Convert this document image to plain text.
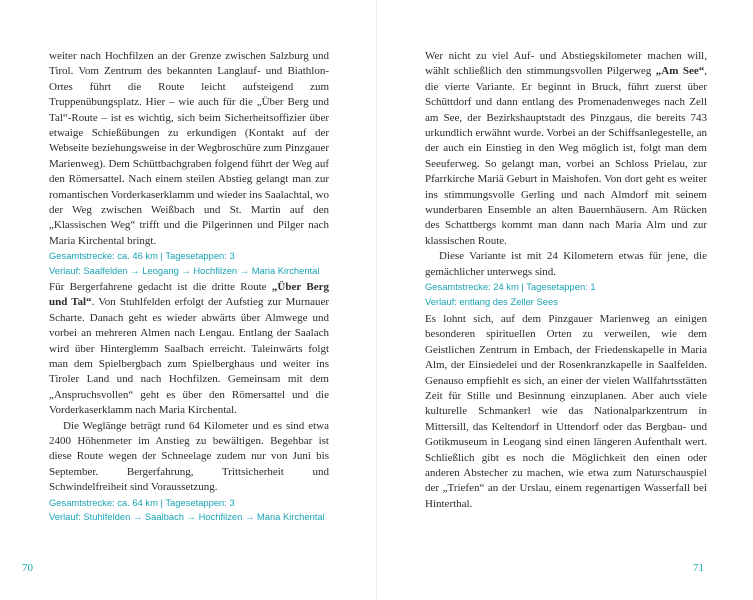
weiter nach Hochfilzen an der Grenze zwischen Salzburg und Tirol. Vom Zentrum des bekannten Langlauf- und Biathlon-Ortes führt die Route leicht aufsteigend zum Truppenübungsplatz. Hier – wie auch für die „Über Berg und Tal“-Route – ist es wichtig, sich beim Sicherheitsoffizier über etwaige Schießübungen zu erkundigen (Kontakt auf der Webseite beziehungsweise in der Wegbroschüre zum Pinzgauer Marienweg). Dem Schüttbachgraben folgend führt der Weg auf den Römersattel. Nach einem steilen Abstieg gelangt man zur romantischen Vorderkaserklamm und wieder ins Saalachtal, wo der Weg zwischen Weißbach und St. Martin auf den „Klassischen Weg“ trifft und die Pilgerinnen und Pilger nach Maria Kirchental bringt.

Gesamtstrecke: ca. 46 km | Tagesetappen: 3
Verlauf: Saalfelden → Leogang → Hochfilzen → Maria Kirchental

Für Bergerfahrene gedacht ist die dritte Route „Über Berg und Tal“. Von Stuhlfelden erfolgt der Aufstieg zur Murnauer Scharte. Danach geht es wieder abwärts über Almwege und vorbei an mehreren Almen nach Lengau. Entlang der Saalach wird über Hinterglemm Saalbach erreicht. Taleinwärts folgt man dem Spielbergbach zum Spielberghaus und weiter ins Tiroler Land und nach Hochfilzen. Gemeinsam mit dem „Anspruchsvollen“ geht es über den Römersattel und die Vorderkaserklamm nach Maria Kirchental.

Die Weglänge beträgt rund 64 Kilometer und es sind etwa 2400 Höhenmeter im Anstieg zu bewältigen. Begehbar ist diese Route wegen der Schneelage zudem nur von Juni bis September. Bergerfahrung, Trittsicherheit und Schwindelfreiheit sind Voraussetzung.

Gesamtstrecke: ca. 64 km | Tagesetappen: 3
Verlauf: Stuhlfelden → Saalbach → Hochfilzen → Maria Kirchental
70

Wer nicht zu viel Auf- und Abstiegskilometer machen will, wählt schließlich den stimmungsvollen Pilgerweg „Am See“, die vierte Variante. Er beginnt in Bruck, führt zuerst über Schüttdorf und dann entlang des Promenadenweges nach Zell am See, der Bezirkshauptstadt des Pinzgaus, die bereits 743 urkundlich erwähnt wurde. Vorbei an der Schiffsanlegestelle, an der auch ein Einstieg in den Weg möglich ist, folgt man dem Seeuferweg. So gelangt man, vorbei an Schloss Prielau, zur Pfarrkirche Mariä Geburt in Maishofen. Von dort geht es weiter ins stimmungsvolle Gerling und nach Almdorf mit seinem wunderbaren Ensemble an alten Bauernhäusern. Am Rücken des Schattbergs kommt man dann nach Maria Alm und zur klassischen Route.

Diese Variante ist mit 24 Kilometern etwas für jene, die gemächlicher unterwegs sind.

Gesamtstrecke: 24 km | Tagesetappen: 1
Verlauf: entlang des Zeller Sees

Es lohnt sich, auf dem Pinzgauer Marienweg an einigen besonderen spirituellen Orten zu verweilen, wie dem Geistlichen Zentrum in Embach, der Friedenskapelle in Maria Alm, der Einsiedelei und der Rosenkranzkapelle in Saalfelden. Genauso empfiehlt es sich, an einer der vielen Wallfahrtsstätten Zeit für Stille und Besinnung einzuplanen. Aber auch viele kulturelle Schmankerl wie das Nationalparkzentrum in Mittersill, das Keltendorf in Uttendorf oder das Bergbau- und Gotikmuseum in Leogang sind einen längeren Aufenthalt wert. Schließlich gibt es noch die Möglichkeit den einen oder anderen Abstecher zu machen, wie etwa zum Naturschauspiel der „Triefen“ an der Urslau, einem regenartigen Wasserfall bei Hinterthal.

71
